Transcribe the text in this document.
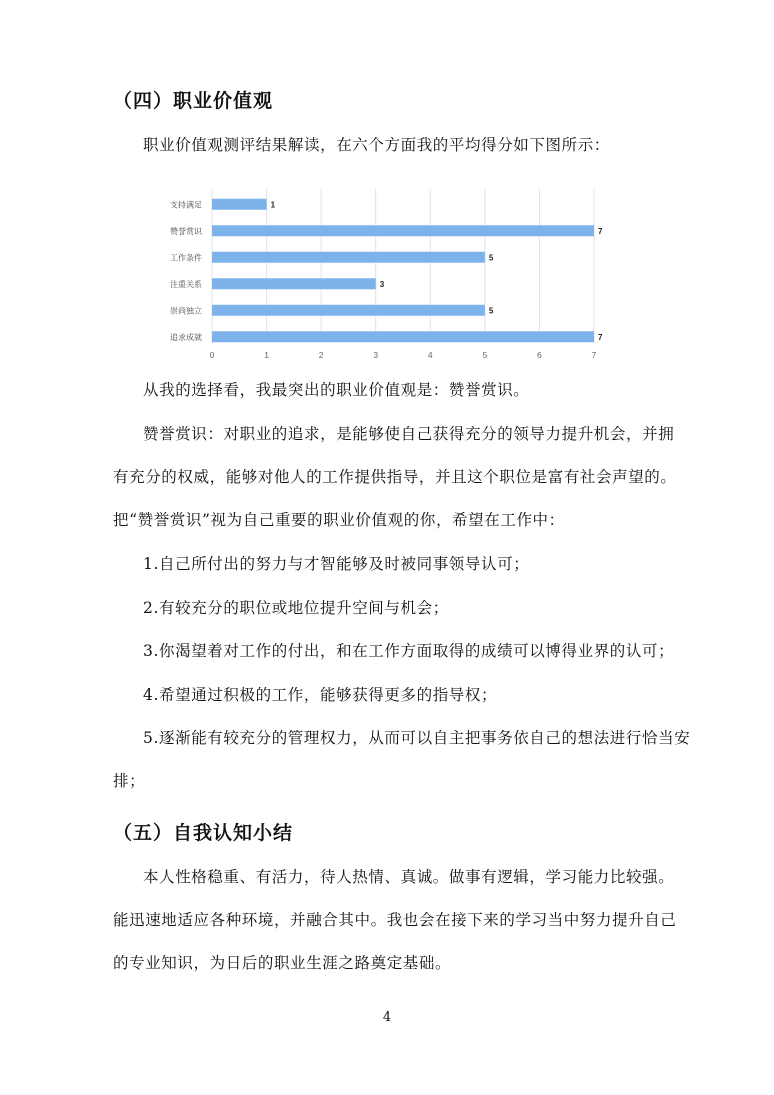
（四）职业价值观

职业价值观测评结果解读，在六个方面我的平均得分如下图所示：

0	1	2	3	4	5	6	7
支持满足	1
赞誉赏识	7
工作条件	5
注重关系	3
崇尚独立	5
追求成就	7

从我的选择看，我最突出的职业价值观是：赞誉赏识。

赞誉赏识：对职业的追求，是能够使自己获得充分的领导力提升机会，并拥

有充分的权威，能够对他人的工作提供指导，并且这个职位是富有社会声望的。

把“赞誉赏识”视为自己重要的职业价值观的你，希望在工作中：

1.自己所付出的努力与才智能够及时被同事领导认可；

2.有较充分的职位或地位提升空间与机会；

3.你渴望着对工作的付出，和在工作方面取得的成绩可以博得业界的认可；

4.希望通过积极的工作，能够获得更多的指导权；

5.逐渐能有较充分的管理权力，从而可以自主把事务依自己的想法进行恰当安

排；

（五）自我认知小结

本人性格稳重、有活力，待人热情、真诚。做事有逻辑，学习能力比较强。

能迅速地适应各种环境，并融合其中。我也会在接下来的学习当中努力提升自己

的专业知识，为日后的职业生涯之路奠定基础。

4
